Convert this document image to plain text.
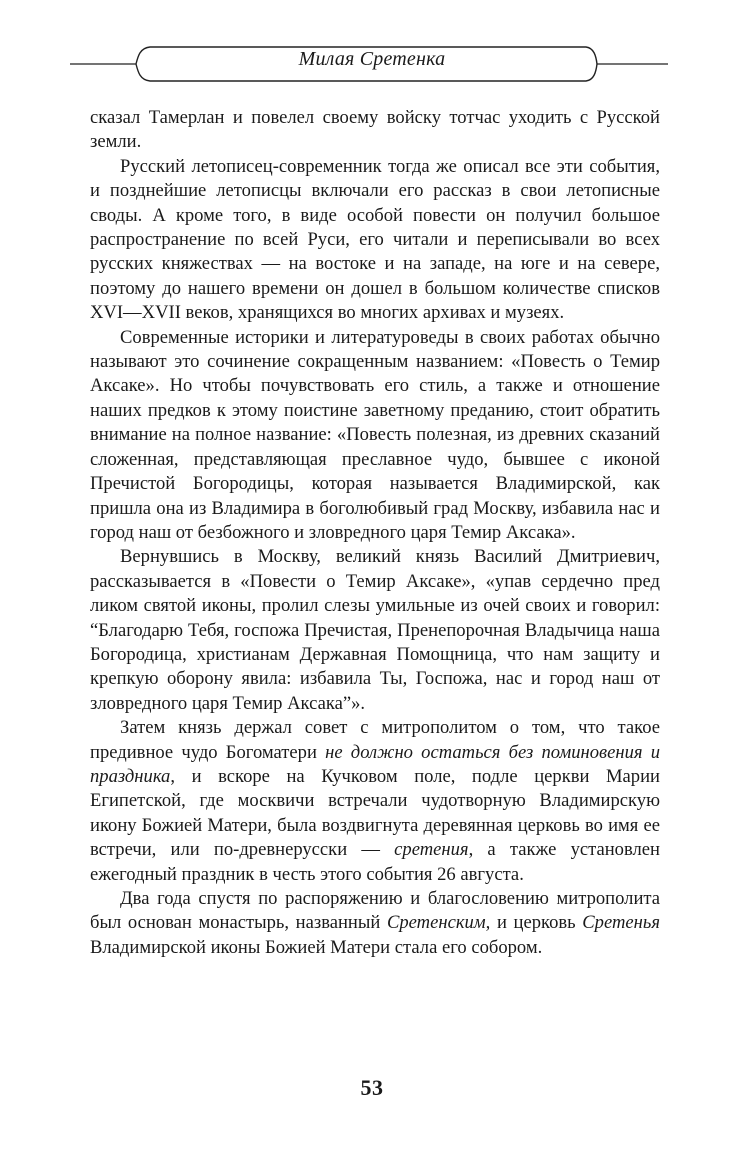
Милая Сретенка

сказал Тамерлан и повелел своему войску тотчас уходить с Русской земли.

Русский летописец-современник тогда же описал все эти события, и позднейшие летописцы включали его рассказ в свои летописные своды. А кроме того, в виде особой повести он получил большое распространение по всей Руси, его читали и переписывали во всех русских княжествах — на востоке и на западе, на юге и на севере, поэтому до нашего времени он дошел в большом количестве списков XVI—XVII веков, хранящихся во многих архивах и музеях.

Современные историки и литературоведы в своих работах обычно называют это сочинение сокращенным названием: «Повесть о Темир Аксаке». Но чтобы почувствовать его стиль, а также и отношение наших предков к этому поистине заветному преданию, стоит обратить внимание на полное название: «Повесть полезная, из древних сказаний сложенная, представляющая преславное чудо, бывшее с иконой Пречистой Богородицы, которая называется Владимирской, как пришла она из Владимира в боголюбивый град Москву, избавила нас и город наш от безбожного и зловредного царя Темир Аксака».

Вернувшись в Москву, великий князь Василий Дмитриевич, рассказывается в «Повести о Темир Аксаке», «упав сердечно пред ликом святой иконы, пролил слезы умильные из очей своих и говорил: “Благодарю Тебя, госпожа Пречистая, Пренепорочная Владычица наша Богородица, христианам Державная Помощница, что нам защиту и крепкую оборону явила: избавила Ты, Госпожа, нас и город наш от зловредного царя Темир Аксака”».

Затем князь держал совет с митрополитом о том, что такое предивное чудо Богоматери не должно остаться без поминовения и праздника, и вскоре на Кучковом поле, подле церкви Марии Египетской, где москвичи встречали чудотворную Владимирскую икону Божией Матери, была воздвигнута деревянная церковь во имя ее встречи, или по-древнерусски — сретения, а также установлен ежегодный праздник в честь этого события 26 августа.

Два года спустя по распоряжению и благословению митрополита был основан монастырь, названный Сретенским, и церковь Сретенья Владимирской иконы Божией Матери стала его собором.

53
